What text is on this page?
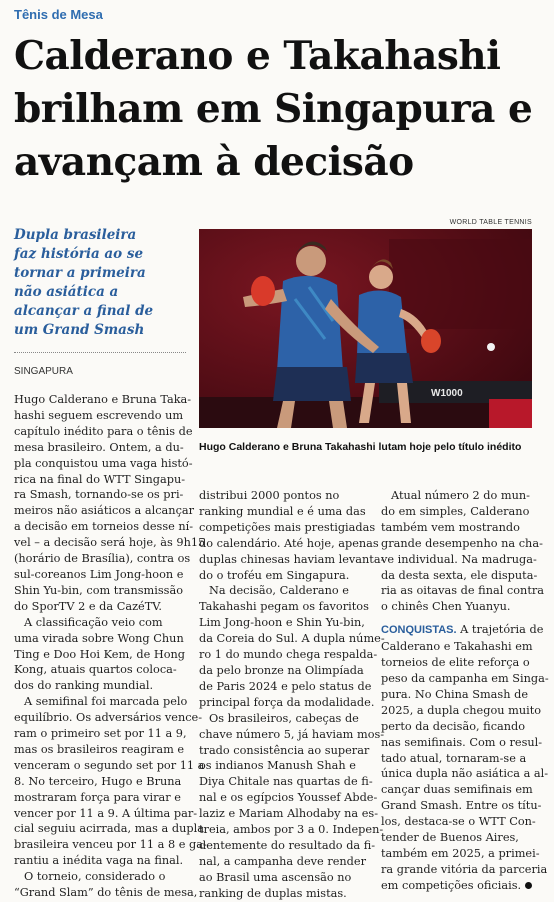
Tênis de Mesa
Calderano e Takahashi
brilham em Singapura e
avançam à decisão
Dupla brasileira
faz história ao se
tornar a primeira
não asiática a
alcançar a final de
um Grand Smash
SINGAPURA
WORLD TABLE TENNIS
W1000
Hugo Calderano e Bruna Takahashi lutam hoje pelo título inédito
Hugo Calderano e Bruna Taka-
hashi seguem escrevendo um
capítulo inédito para o tênis de
mesa brasileiro. Ontem, a du-
pla conquistou uma vaga histó-
rica na final do WTT Singapu-
ra Smash, tornando-se os pri-
meiros não asiáticos a alcançar
a decisão em torneios desse ní-
vel – a decisão será hoje, às 9h15
(horário de Brasília), contra os
sul-coreanos Lim Jong-hoon e
Shin Yu-bin, com transmissão
do SporTV 2 e da CazéTV.
A classificação veio com
uma virada sobre Wong Chun
Ting e Doo Hoi Kem, de Hong
Kong, atuais quartos coloca-
dos do ranking mundial.
A semifinal foi marcada pelo
equilíbrio. Os adversários vence-
ram o primeiro set por 11 a 9,
mas os brasileiros reagiram e
venceram o segundo set por 11 a
8. No terceiro, Hugo e Bruna
mostraram força para virar e
vencer por 11 a 9. A última par-
cial seguiu acirrada, mas a dupla
brasileira venceu por 11 a 8 e ga-
rantiu a inédita vaga na final.
O torneio, considerado o
“Grand Slam” do tênis de mesa,
distribui 2000 pontos no
ranking mundial e é uma das
competições mais prestigiadas
do calendário. Até hoje, apenas
duplas chinesas haviam levanta-
do o troféu em Singapura.
Na decisão, Calderano e
Takahashi pegam os favoritos
Lim Jong-hoon e Shin Yu-bin,
da Coreia do Sul. A dupla núme-
ro 1 do mundo chega respalda-
da pelo bronze na Olimpíada
de Paris 2024 e pelo status de
principal força da modalidade.
Os brasileiros, cabeças de
chave número 5, já haviam mos-
trado consistência ao superar
os indianos Manush Shah e
Diya Chitale nas quartas de fi-
nal e os egípcios Youssef Abde-
laziz e Mariam Alhodaby na es-
treia, ambos por 3 a 0. Indepen-
dentemente do resultado da fi-
nal, a campanha deve render
ao Brasil uma ascensão no
ranking de duplas mistas.
Atual número 2 do mun-
do em simples, Calderano
também vem mostrando
grande desempenho na cha-
ve individual. Na madruga-
da desta sexta, ele disputa-
ria as oitavas de final contra
o chinês Chen Yuanyu.
CONQUISTAS. A trajetória de
Calderano e Takahashi em
torneios de elite reforça o
peso da campanha em Singa-
pura. No China Smash de
2025, a dupla chegou muito
perto da decisão, ficando
nas semifinais. Com o resul-
tado atual, tornaram-se a
única dupla não asiática a al-
cançar duas semifinais em
Grand Smash. Entre os títu-
los, destaca-se o WTT Con-
tender de Buenos Aires,
também em 2025, a primei-
ra grande vitória da parceria
em competições oficiais.
